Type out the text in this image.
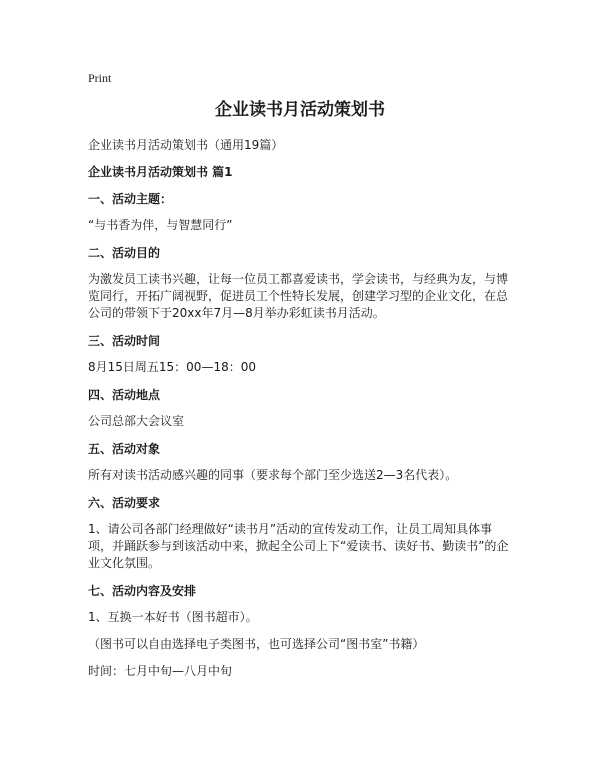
Print
企业读书月活动策划书

企业读书月活动策划书（通用19篇）

企业读书月活动策划书 篇1

一、活动主题：

“与书香为伴，与智慧同行”

二、活动目的

为激发员工读书兴趣，让每一位员工都喜爱读书，学会读书，与经典为友，与博览同行，开拓广阔视野，促进员工个性特长发展，创建学习型的企业文化，在总公司的带领下于20xx年7月—8月举办彩虹读书月活动。

三、活动时间

8月15日周五15：00—18：00

四、活动地点

公司总部大会议室

五、活动对象

所有对读书活动感兴趣的同事（要求每个部门至少选送2—3名代表）。

六、活动要求

1、请公司各部门经理做好“读书月”活动的宣传发动工作，让员工周知具体事项，并踊跃参与到该活动中来，掀起全公司上下“爱读书、读好书、勤读书”的企业文化氛围。

七、活动内容及安排

1、互换一本好书（图书超市）。

（图书可以自由选择电子类图书，也可选择公司“图书室”书籍）

时间：七月中旬—八月中旬
